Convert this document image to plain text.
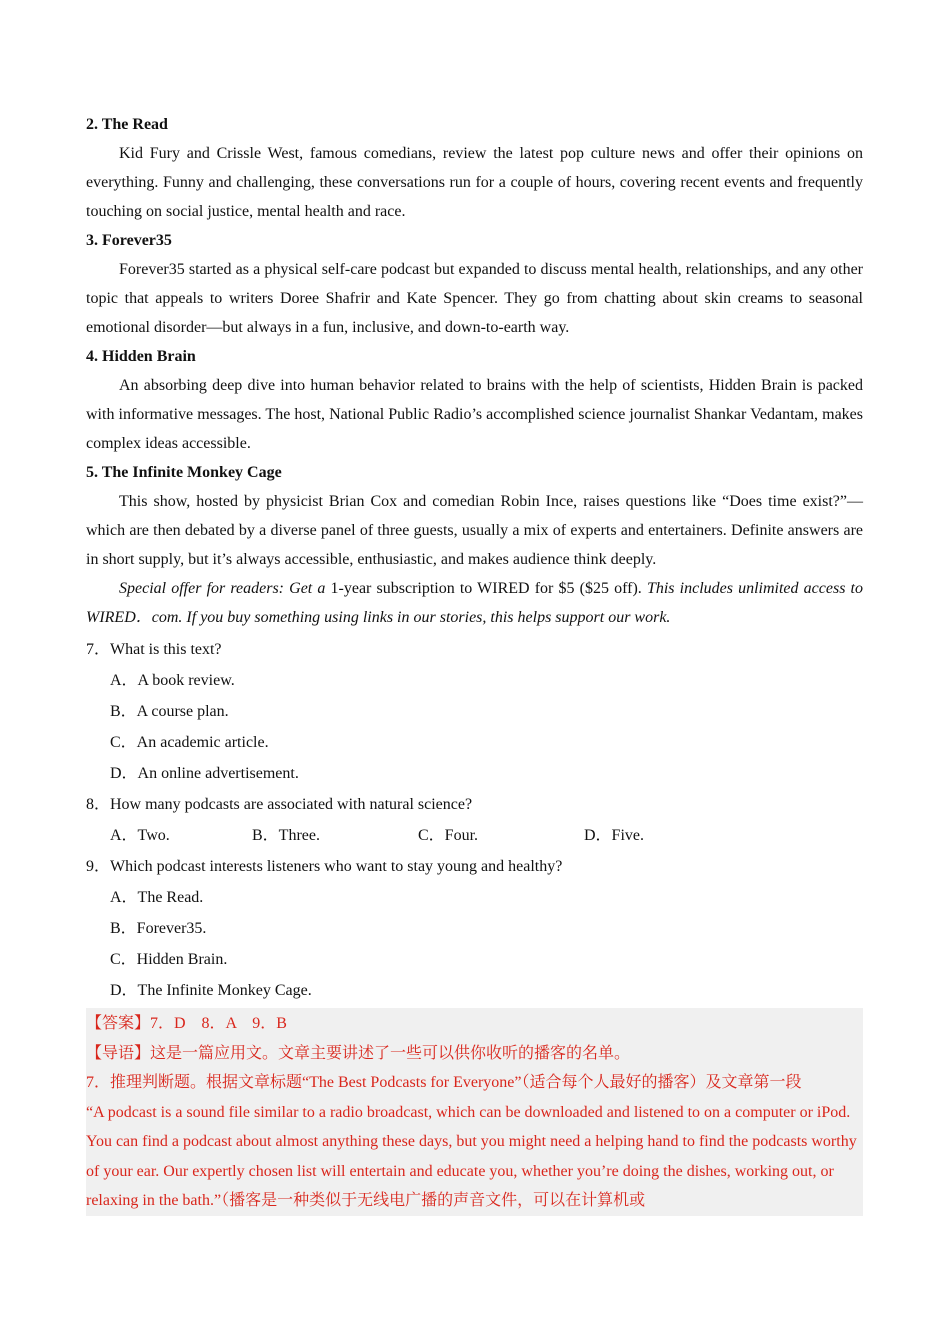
2. The Read

Kid Fury and Crissle West, famous comedians, review the latest pop culture news and offer their opinions on everything. Funny and challenging, these conversations run for a couple of hours, covering recent events and frequently touching on social justice, mental health and race.

3. Forever35

Forever35 started as a physical self-care podcast but expanded to discuss mental health, relationships, and any other topic that appeals to writers Doree Shafrir and Kate Spencer. They go from chatting about skin creams to seasonal emotional disorder—but always in a fun, inclusive, and down-to-earth way.

4. Hidden Brain

An absorbing deep dive into human behavior related to brains with the help of scientists, Hidden Brain is packed with informative messages. The host, National Public Radio’s accomplished science journalist Shankar Vedantam, makes complex ideas accessible.

5. The Infinite Monkey Cage

This show, hosted by physicist Brian Cox and comedian Robin Ince, raises questions like “Does time exist?”—which are then debated by a diverse panel of three guests, usually a mix of experts and entertainers. Definite answers are in short supply, but it’s always accessible, enthusiastic, and makes audience think deeply.

Special offer for readers: Get a 1-year subscription to WIRED for $5 ($25 off). This includes unlimited access to WIRED．com. If you buy something using links in our stories, this helps support our work.

7．What is this text?

A．A book review.

B．A course plan.

C．An academic article.

D．An online advertisement.

8．How many podcasts are associated with natural science?

A．Two.	B．Three.	C．Four.	D．Five.

9．Which podcast interests listeners who want to stay young and healthy?

A．The Read.

B．Forever35.

C．Hidden Brain.

D．The Infinite Monkey Cage.

【答案】7．D　8．A　9．B

【导语】这是一篇应用文。文章主要讲述了一些可以供你收听的播客的名单。

7．推理判断题。根据文章标题“The Best Podcasts for Everyone”（适合每个人最好的播客）及文章第一段

“A podcast is a sound file similar to a radio broadcast, which can be downloaded and listened to on a computer or iPod. You can find a podcast about almost anything these days, but you might need a helping hand to find the podcasts worthy of your ear. Our expertly chosen list will entertain and educate you, whether you’re doing the dishes, working out, or relaxing in the bath.”（播客是一种类似于无线电广播的声音文件，可以在计算机或
